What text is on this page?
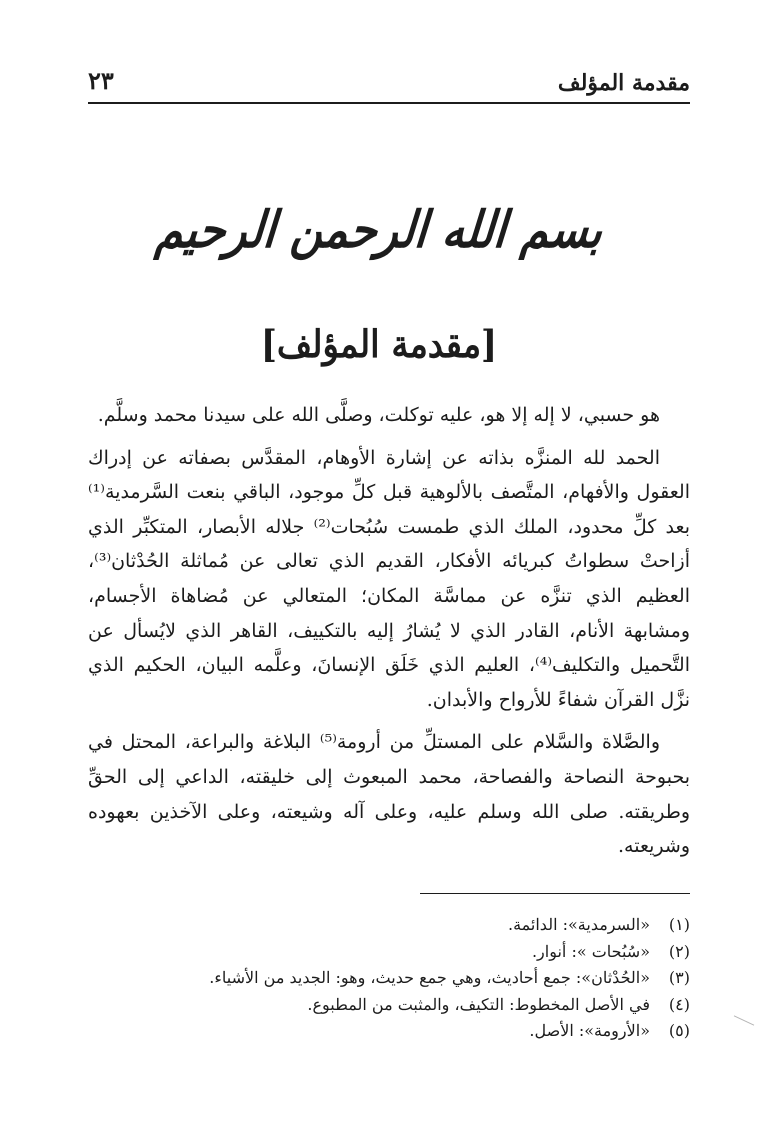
مقدمة المؤلف
٢٣
بسم الله الرحمن الرحيم
[مقدمة المؤلف]

هو حسبي، لا إله إلا هو، عليه توكلت، وصلَّى الله على سيدنا محمد وسلَّم.

الحمد لله المنزَّه بذاته عن إشارة الأوهام، المقدَّس بصفاته عن إدراك العقول والأفهام، المتَّصف بالألوهية قبل كلِّ موجود، الباقي بنعت السَّرمدية⁽¹⁾ بعد كلِّ محدود، الملك الذي طمست سُبُحات⁽²⁾ جلاله الأبصار، المتكبِّر الذي أزاحتْ سطواتُ كبريائه الأفكار، القديم الذي تعالى عن مُماثلة الحُدْثان⁽³⁾، العظيم الذي تنزَّه عن مماسَّة المكان؛ المتعالي عن مُضاهاة الأجسام، ومشابهة الأنام، القادر الذي لا يُشارُ إليه بالتكييف، القاهر الذي لايُسأل عن التَّحميل والتكليف⁽⁴⁾، العليم الذي خَلَق الإنسانَ، وعلَّمه البيان، الحكيم الذي نزَّل القرآن شفاءً للأرواح والأبدان.

والصَّلاة والسَّلام على المستلِّ من أرومة⁽⁵⁾ البلاغة والبراعة، المحتل في بحبوحة النصاحة والفصاحة، محمد المبعوث إلى خليقته، الداعي إلى الحقِّ وطريقته. صلى الله وسلم عليه، وعلى آله وشيعته، وعلى الآخذين بعهوده وشريعته.

(١)«السرمدية»: الدائمة.
(٢)«سُبُحات »: أنوار.
(٣)«الحُدْثان»: جمع أحاديث، وهي جمع حديث، وهو: الجديد من الأشياء.
(٤)في الأصل المخطوط: التكيف، والمثبت من المطبوع.
(٥)«الأرومة»: الأصل.
